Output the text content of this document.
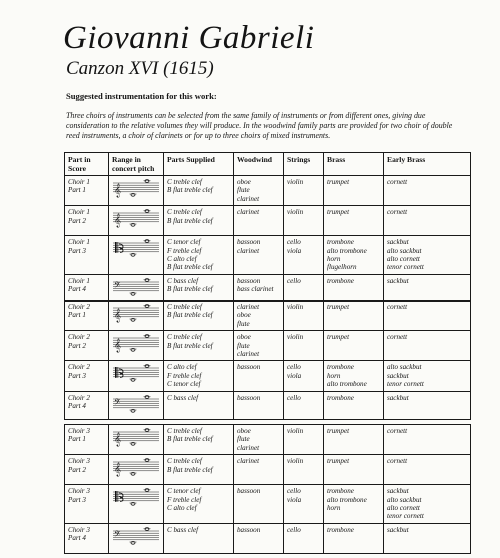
Giovanni Gabrieli
Canzon XVI (1615)
Suggested instrumentation for this work:
Three choirs of instruments can be selected from the same family of instruments or from different ones, giving due consideration to the relative volumes they will produce. In the woodwind family parts are provided for two choir of double reed instruments, a choir of clarinets or for up to three choirs of mixed instruments.
Part in
Score	Range in
concert pitch	Parts Supplied	Woodwind	Strings	Brass	Early Brass

Choir 1
Part 1	𝄞	C treble clef
B flat treble clef	oboe
flute
clarinet	violin	trumpet	cornett

Choir 1
Part 2	𝄞	C treble clef
B flat treble clef	clarinet	violin	trumpet	cornett

Choir 1
Part 3		C tenor clef
F treble clef
C alto clef
B flat treble clef	bassoon
clarinet	cello
viola	trombone
alto trombone
horn
flugelhorn	sackbut
alto sackbut
alto cornett
tenor cornett

Choir 1
Part 4	𝄢	C bass clef
B flat treble clef	bassoon
bass clarinet	cello	trombone	sackbut
Choir 2
Part 1	𝄞	C treble clef
B flat treble clef	clarinet
oboe
flute	violin	trumpet	cornett

Choir 2
Part 2	𝄞	C treble clef
B flat treble clef	oboe
flute
clarinet	violin	trumpet	cornett

Choir 2
Part 3		C alto clef
F treble clef
C tenor clef	bassoon	cello
viola	trombone
horn
alto trombone	alto sackbut
sackbut
tenor cornett

Choir 2
Part 4	𝄢	C bass clef	bassoon	cello	trombone	sackbut
Choir 3
Part 1	𝄞	C treble clef
B flat treble clef	oboe
flute
clarinet	violin	trumpet	cornett

Choir 3
Part 2	𝄞	C treble clef
B flat treble clef	clarinet	violin	trumpet	cornett

Choir 3
Part 3		C tenor clef
F treble clef
C alto clef	bassoon	cello
viola	trombone
alto trombone
horn	sackbut
alto sackbut
alto cornett
tenor cornett

Choir 3
Part 4	𝄢	C bass clef	bassoon	cello	trombone	sackbut
